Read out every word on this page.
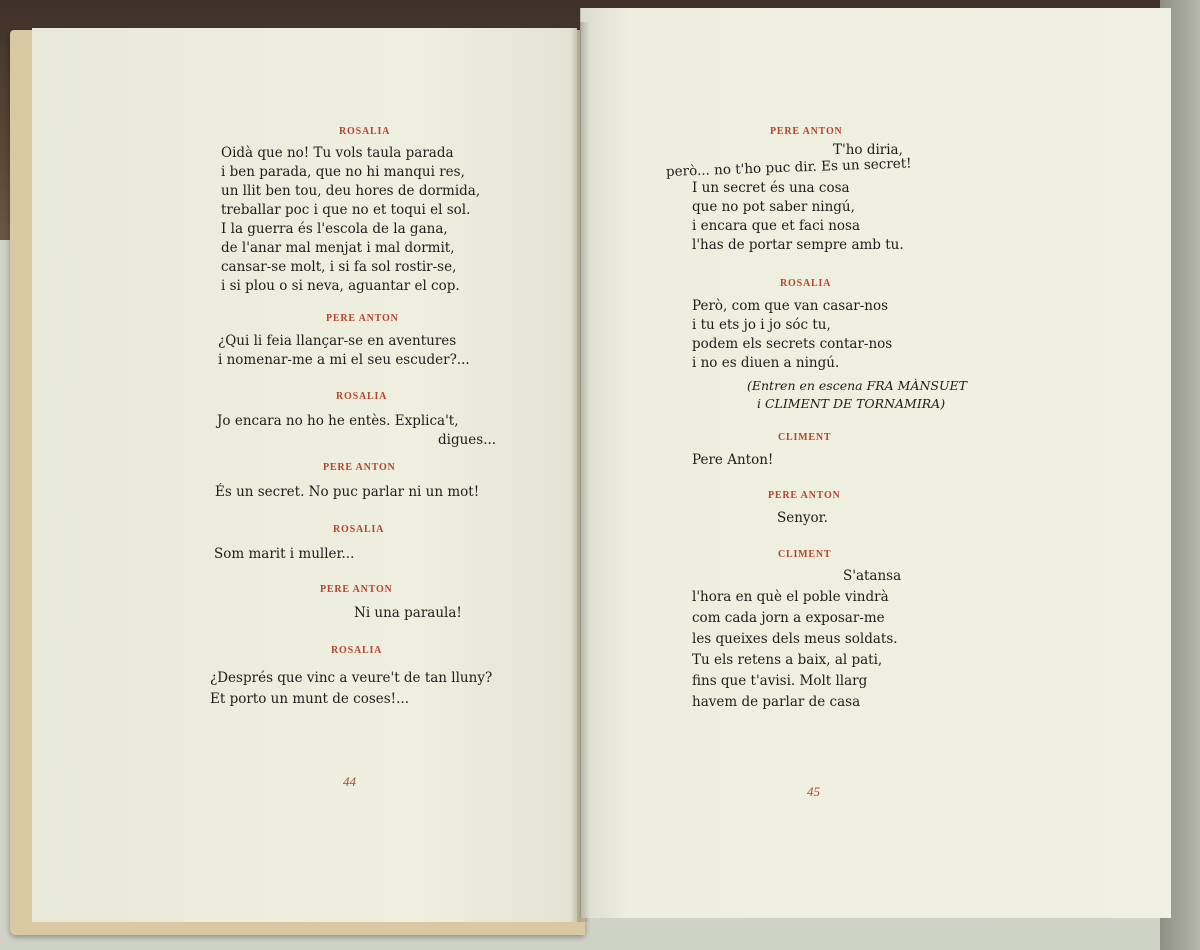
ROSALIA
Oidà que no! Tu vols taula parada
i ben parada, que no hi manqui res,
un llit ben tou, deu hores de dormida,
treballar poc i que no et toqui el sol.
I la guerra és l'escola de la gana,
de l'anar mal menjat i mal dormit,
cansar-se molt, i si fa sol rostir-se,
i si plou o si neva, aguantar el cop.
PERE ANTON
¿Qui li feia llançar-se en aventures
i nomenar-me a mi el seu escuder?...
ROSALIA
Jo encara no ho he entès. Explica't,
digues...
PERE ANTON
És un secret. No puc parlar ni un mot!
ROSALIA
Som marit i muller...
PERE ANTON
Ni una paraula!
ROSALIA
¿Després que vinc a veure't de tan lluny?
Et porto un munt de coses!...
44
PERE ANTON
T'ho diria,
però... no t'ho puc dir. Es un secret!
I un secret és una cosa
que no pot saber ningú,
i encara que et faci nosa
l'has de portar sempre amb tu.
ROSALIA
Però, com que van casar-nos
i tu ets jo i jo sóc tu,
podem els secrets contar-nos
i no es diuen a ningú.
(Entren en escena FRA MÀNSUET
i CLIMENT DE TORNAMIRA)
CLIMENT
Pere Anton!
PERE ANTON
Senyor.
CLIMENT
S'atansa
l'hora en què el poble vindrà
com cada jorn a exposar-me
les queixes dels meus soldats.
Tu els retens a baix, al pati,
fins que t'avisi. Molt llarg
havem de parlar de casa
45
